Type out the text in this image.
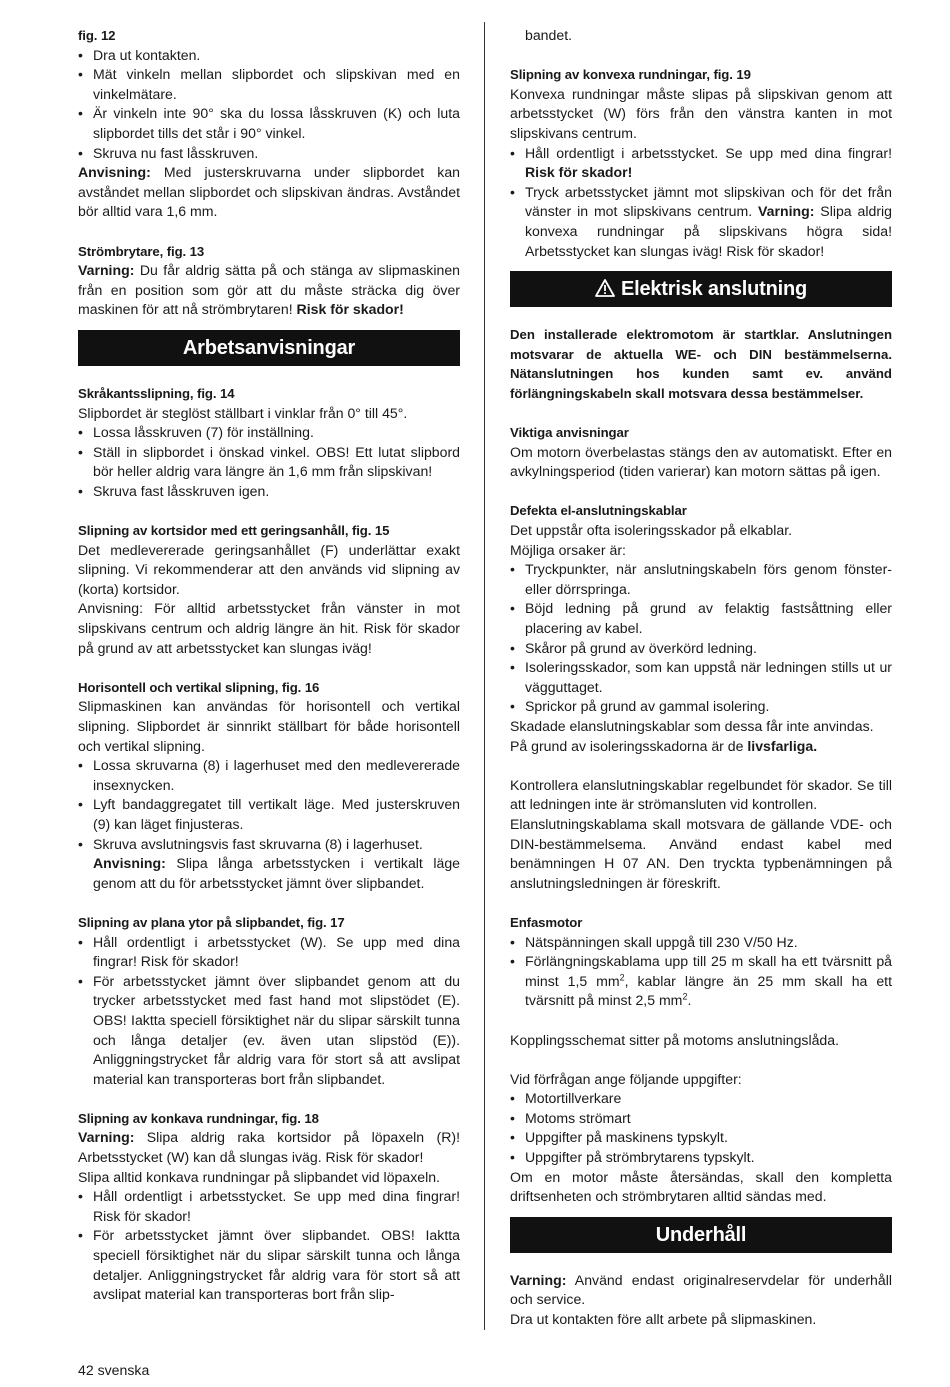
fig. 12

• Dra ut kontakten.
• Mät vinkeln mellan slipbordet och slipskivan med en vinkelmätare.
• Är vinkeln inte 90° ska du lossa låsskruven (K) och luta slipbordet tills det står i 90° vinkel.
• Skruva nu fast låsskruven.

Anvisning: Med justerskruvarna under slipbordet kan avståndet mellan slipbordet och slipskivan ändras. Avståndet bör alltid vara 1,6 mm.

Strömbrytare, fig. 13

Varning: Du får aldrig sätta på och stänga av slipmaskinen från en position som gör att du måste sträcka dig över maskinen för att nå strömbrytaren! Risk för skador!

Arbetsanvisningar

Skråkantsslipning, fig. 14

Slipbordet är steglöst ställbart i vinklar från 0° till 45°.

• Lossa låsskruven (7) för inställning.
• Ställ in slipbordet i önskad vinkel. OBS! Ett lutat slipbord bör heller aldrig vara längre än 1,6 mm från slipskivan!
• Skruva fast låsskruven igen.

Slipning av kortsidor med ett geringsanhåll, fig. 15

Det medlevererade geringsanhållet (F) underlättar exakt slipning. Vi rekommenderar att den används vid slipning av (korta) kortsidor.

Anvisning: För alltid arbetsstycket från vänster in mot slipskivans centrum och aldrig längre än hit. Risk för skador på grund av att arbetsstycket kan slungas iväg!

Horisontell och vertikal slipning, fig. 16

Slipmaskinen kan användas för horisontell och vertikal slipning. Slipbordet är sinnrikt ställbart för både horisontell och vertikal slipning.

• Lossa skruvarna (8) i lagerhuset med den medlevererade insexnycken.
• Lyft bandaggregatet till vertikalt läge. Med justerskruven (9) kan läget finjusteras.
• Skruva avslutningsvis fast skruvarna (8) i lagerhuset.
Anvisning: Slipa långa arbetsstycken i vertikalt läge genom att du för arbetsstycket jämnt över slipbandet.

Slipning av plana ytor på slipbandet, fig. 17

• Håll ordentligt i arbetsstycket (W). Se upp med dina fingrar! Risk för skador!
• För arbetsstycket jämnt över slipbandet genom att du trycker arbetsstycket med fast hand mot slipstödet (E). OBS! Iaktta speciell försiktighet när du slipar särskilt tunna och långa detaljer (ev. även utan slipstöd (E)). Anliggningstrycket får aldrig vara för stort så att avslipat material kan transporteras bort från slipbandet.

Slipning av konkava rundningar, fig. 18

Varning: Slipa aldrig raka kortsidor på löpaxeln (R)! Arbetsstycket (W) kan då slungas iväg. Risk för skador!

Slipa alltid konkava rundningar på slipbandet vid löpaxeln.

• Håll ordentligt i arbetsstycket. Se upp med dina fingrar! Risk för skador!
• För arbetsstycket jämnt över slipbandet. OBS! Iaktta speciell försiktighet när du slipar särskilt tunna och långa detaljer. Anliggningstrycket får aldrig vara för stort så att avslipat material kan transporteras bort från slip-

bandet.

Slipning av konvexa rundningar, fig. 19

Konvexa rundningar måste slipas på slipskivan genom att arbetsstycket (W) förs från den vänstra kanten in mot slipskivans centrum.

• Håll ordentligt i arbetsstycket. Se upp med dina fingrar! Risk för skador!
• Tryck arbetsstycket jämnt mot slipskivan och för det från vänster in mot slipskivans centrum. Varning: Slipa aldrig konvexa rundningar på slipskivans högra sida! Arbetsstycket kan slungas iväg! Risk för skador!
Elektrisk anslutning

Den installerade elektromotom är startklar. Anslutningen motsvarar de aktuella WE- och DIN bestämmelserna. Nätanslutningen hos kunden samt ev. använd förlängningskabeln skall motsvara dessa bestämmelser.

Viktiga anvisningar

Om motorn överbelastas stängs den av automatiskt. Efter en avkylningsperiod (tiden varierar) kan motorn sättas på igen.

Defekta el-anslutningskablar

Det uppstår ofta isoleringsskador på elkablar.

Möjliga orsaker är:

• Tryckpunkter, när anslutningskabeln förs genom fönster- eller dörrspringa.
• Böjd ledning på grund av felaktig fastsåttning eller placering av kabel.
• Skåror på grund av överkörd ledning.
• Isoleringsskador, som kan uppstå när ledningen stills ut ur vägguttaget.
• Sprickor på grund av gammal isolering.

Skadade elanslutningskablar som dessa får inte anvindas.

På grund av isoleringsskadorna är de livsfarliga.

Kontrollera elanslutningskablar regelbundet för skador. Se till att ledningen inte är strömansluten vid kontrollen.

Elanslutningskablama skall motsvara de gällande VDE- och DIN-bestämmelsema. Använd endast kabel med benämningen H 07 AN. Den tryckta typbenämningen på anslutningsledningen är föreskrift.

Enfasmotor

• Nätspänningen skall uppgå till 230 V/50 Hz.
• Förlängningskablama upp till 25 m skall ha ett tvärsnitt på minst 1,5 $mm^2$, kablar längre än 25 mm skall ha ett tvärsnitt på minst 2,5 $mm^2$.

Kopplingsschemat sitter på motoms anslutningslåda.

Vid förfrågan ange följande uppgifter:

• Motortillverkare
• Motoms strömart
• Uppgifter på maskinens typskylt.
• Uppgifter på strömbrytarens typskylt.

Om en motor måste återsändas, skall den kompletta driftsenheten och strömbrytaren alltid sändas med.

Underhåll

Varning: Använd endast originalreservdelar för underhåll och service.

Dra ut kontakten före allt arbete på slipmaskinen.

42 svenska
